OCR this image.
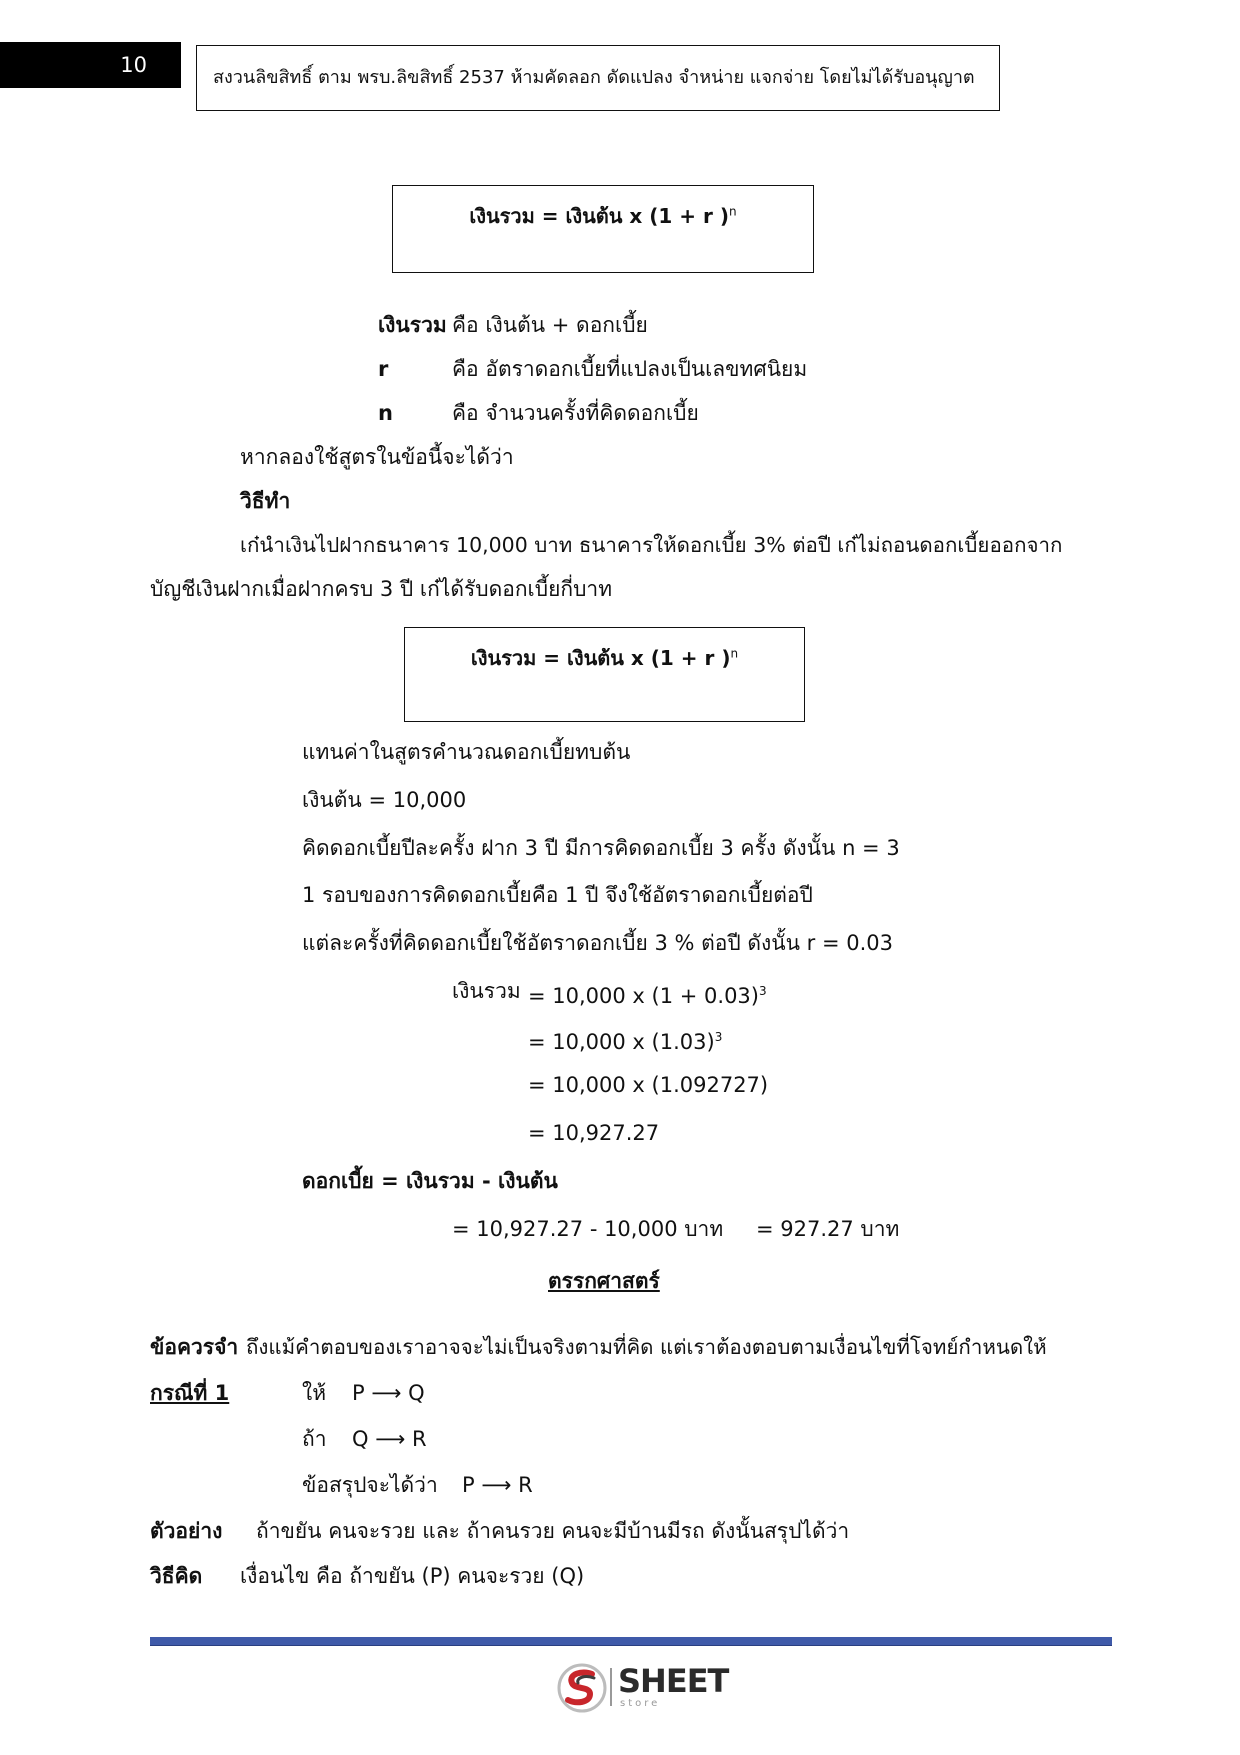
10
สงวนลิขสิทธิ์ ตาม พรบ.ลิขสิทธิ์ 2537 ห้ามคัดลอก ดัดแปลง จำหน่าย แจกจ่าย โดยไม่ได้รับอนุญาต
เงินรวม = เงินต้น x (1 + r )$^n$
เงินรวม คือ เงินต้น + ดอกเบี้ย
r	คือ อัตราดอกเบี้ยที่แปลงเป็นเลขทศนิยม
n	คือ จำนวนครั้งที่คิดดอกเบี้ย
หากลองใช้สูตรในข้อนี้จะได้ว่า
วิธีทำ
เก๋นำเงินไปฝากธนาคาร 10,000 บาท ธนาคารให้ดอกเบี้ย 3% ต่อปี เก๋ไม่ถอนดอกเบี้ยออกจาก
บัญชีเงินฝากเมื่อฝากครบ 3 ปี เก๋ได้รับดอกเบี้ยกี่บาท
เงินรวม = เงินต้น x (1 + r )$^n$
แทนค่าในสูตรคำนวณดอกเบี้ยทบต้น
เงินต้น = 10,000
คิดดอกเบี้ยปีละครั้ง ฝาก 3 ปี มีการคิดดอกเบี้ย 3 ครั้ง ดังนั้น n = 3
1 รอบของการคิดดอกเบี้ยคือ 1 ปี จึงใช้อัตราดอกเบี้ยต่อปี
แต่ละครั้งที่คิดดอกเบี้ยใช้อัตราดอกเบี้ย 3 % ต่อปี ดังนั้น r = 0.03
เงินรวม = 10,000 x $(1 + 0.03)^3$
= 10,000 x $(1.03)^3$
= 10,000 x (1.092727)
= 10,927.27
ดอกเบี้ย = เงินรวม - เงินต้น
= 10,927.27 - 10,000 บาท = 927.27 บาท
ตรรกศาสตร์
ข้อควรจำ ถึงแม้คำตอบของเราอาจจะไม่เป็นจริงตามที่คิด แต่เราต้องตอบตามเงื่อนไขที่โจทย์กำหนดให้
กรณีที่ 1	ให้ P ⟶ Q
ถ้า Q ⟶ R
ข้อสรุปจะได้ว่า P ⟶ R
ตัวอย่าง ถ้าขยัน คนจะรวย และ ถ้าคนรวย คนจะมีบ้านมีรถ ดังนั้นสรุปได้ว่า
วิธีคิด เงื่อนไข คือ ถ้าขยัน (P) คนจะรวย (Q)
SHEET
store
